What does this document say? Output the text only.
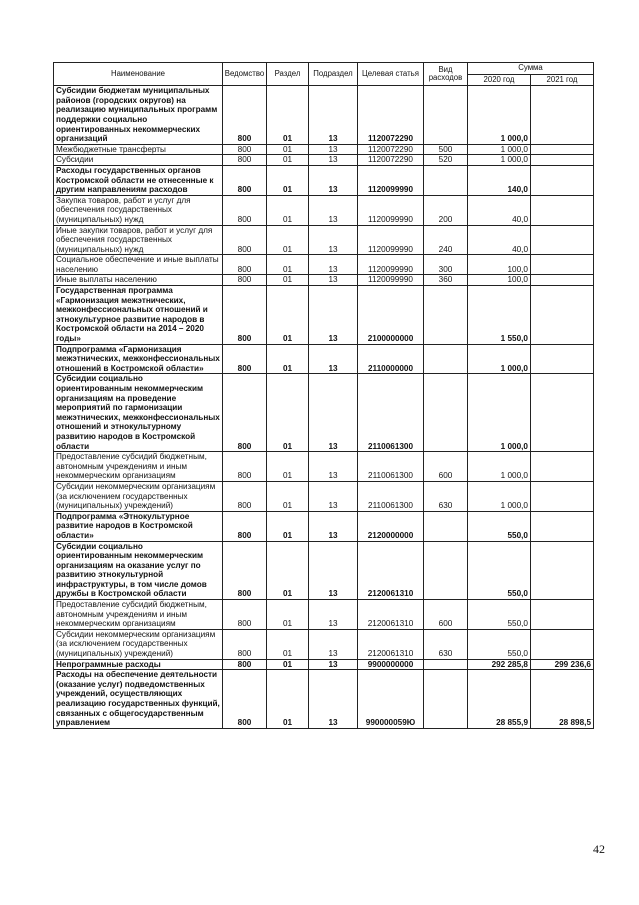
Наименование	Ведомство	Раздел	Подраздел	Целевая статья	Вид расходов	Сумма	
						2020 год	2021 год
Субсидии бюджетам муниципальных районов (городских округов) на реализацию муниципальных программ поддержки социально ориентированных некоммерческих организаций	800	01	13	1120072290		1 000,0	
Межбюджетные трансферты	800	01	13	1120072290	500	1 000,0	
Субсидии	800	01	13	1120072290	520	1 000,0	
Расходы государственных органов Костромской области не отнесенные к другим направлениям расходов	800	01	13	1120099990		140,0	
Закупка товаров, работ и услуг для обеспечения государственных (муниципальных) нужд	800	01	13	1120099990	200	40,0	
Иные закупки товаров, работ и услуг для обеспечения государственных (муниципальных) нужд	800	01	13	1120099990	240	40,0	
Социальное обеспечение и иные выплаты населению	800	01	13	1120099990	300	100,0	
Иные выплаты населению	800	01	13	1120099990	360	100,0	
Государственная программа «Гармонизация межэтнических, межконфессиональных отношений и этнокультурное развитие народов в Костромской области на 2014 – 2020 годы»	800	01	13	2100000000		1 550,0	
Подпрограмма «Гармонизация межэтнических, межконфессиональных отношений в Костромской области»	800	01	13	2110000000		1 000,0	
Субсидии социально ориентированным некоммерческим организациям на проведение мероприятий по гармонизации межэтнических, межконфессиональных отношений и этнокультурному развитию народов в Костромской области	800	01	13	2110061300		1 000,0	
Предоставление субсидий бюджетным, автономным учреждениям и иным некоммерческим организациям	800	01	13	2110061300	600	1 000,0	
Субсидии некоммерческим организациям (за исключением государственных (муниципальных) учреждений)	800	01	13	2110061300	630	1 000,0	
Подпрограмма «Этнокультурное развитие народов в Костромской области»	800	01	13	2120000000		550,0	
Субсидии социально ориентированным некоммерческим организациям на оказание услуг по развитию этнокультурной инфраструктуры, в том числе домов дружбы в Костромской области	800	01	13	2120061310		550,0	
Предоставление субсидий бюджетным, автономным учреждениям и иным некоммерческим организациям	800	01	13	2120061310	600	550,0	
Субсидии некоммерческим организациям (за исключением государственных (муниципальных) учреждений)	800	01	13	2120061310	630	550,0	
Непрограммные расходы	800	01	13	9900000000		292 285,8	299 236,6
Расходы на обеспечение деятельности (оказание услуг) подведомственных учреждений, осуществляющих реализацию государственных функций, связанных с общегосударственным управлением	800	01	13	990000059Ю		28 855,9	28 898,5
42
